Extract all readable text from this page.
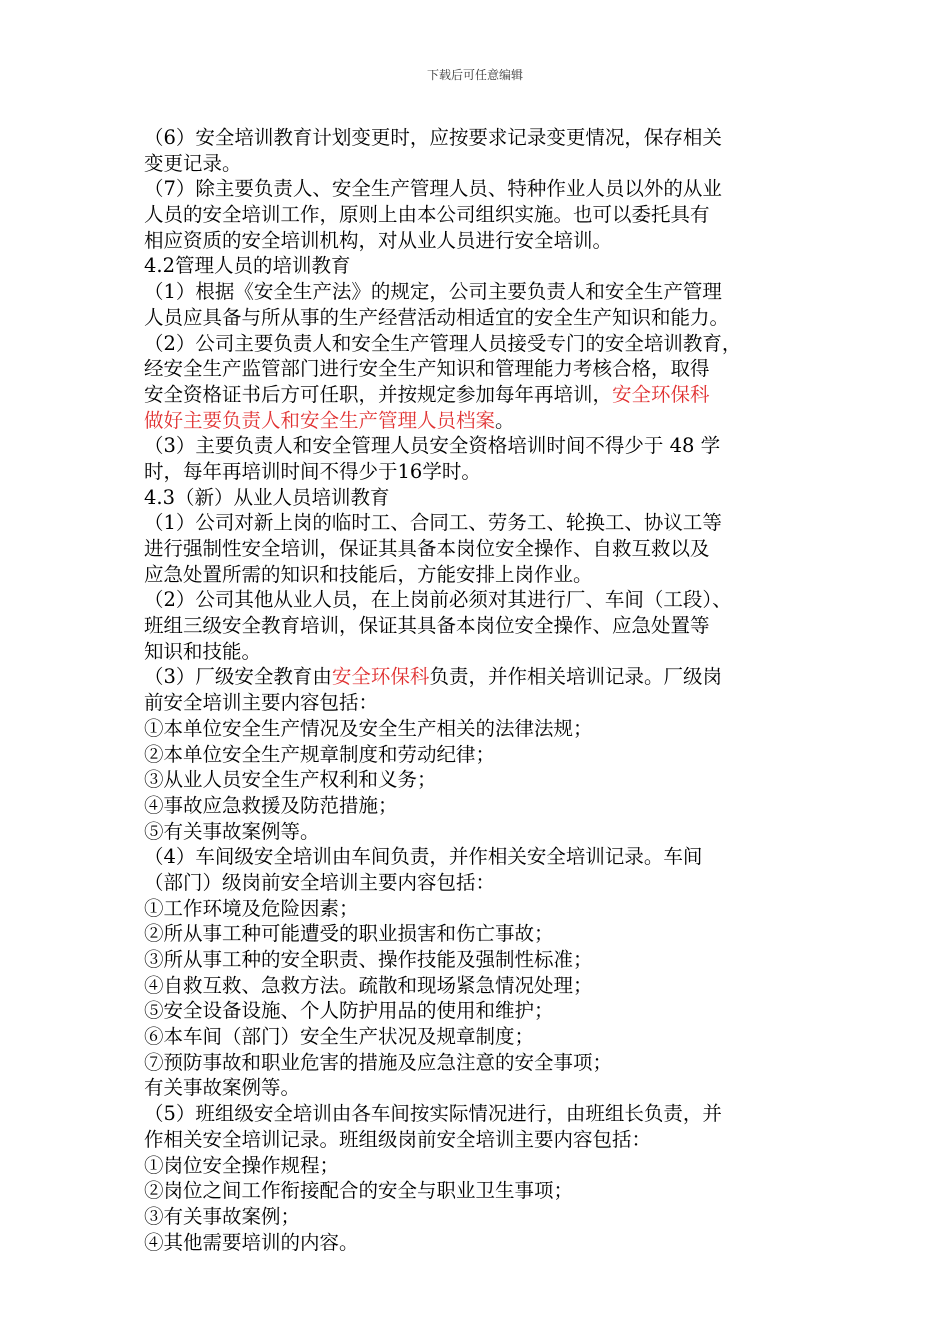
下载后可任意编辑
（6）安全培训教育计划变更时，应按要求记录变更情况，保存相关
变更记录。
（7）除主要负责人、安全生产管理人员、特种作业人员以外的从业
人员的安全培训工作，原则上由本公司组织实施。也可以委托具有
相应资质的安全培训机构，对从业人员进行安全培训。
4.2管理人员的培训教育
（1）根据《安全生产法》的规定，公司主要负责人和安全生产管理
人员应具备与所从事的生产经营活动相适宜的安全生产知识和能力。
（2）公司主要负责人和安全生产管理人员接受专门的安全培训教育，
经安全生产监管部门进行安全生产知识和管理能力考核合格，取得
安全资格证书后方可任职，并按规定参加每年再培训，安全环保科
做好主要负责人和安全生产管理人员档案。
（3）主要负责人和安全管理人员安全资格培训时间不得少于 48 学
时，每年再培训时间不得少于16学时。
4.3（新）从业人员培训教育
（1）公司对新上岗的临时工、合同工、劳务工、轮换工、协议工等
进行强制性安全培训，保证其具备本岗位安全操作、自救互救以及
应急处置所需的知识和技能后，方能安排上岗作业。
（2）公司其他从业人员，在上岗前必须对其进行厂、车间（工段）、
班组三级安全教育培训，保证其具备本岗位安全操作、应急处置等
知识和技能。
（3）厂级安全教育由安全环保科负责，并作相关培训记录。厂级岗
前安全培训主要内容包括：
①本单位安全生产情况及安全生产相关的法律法规；
②本单位安全生产规章制度和劳动纪律；
③从业人员安全生产权利和义务；
④事故应急救援及防范措施；
⑤有关事故案例等。
（4）车间级安全培训由车间负责，并作相关安全培训记录。车间
（部门）级岗前安全培训主要内容包括：
①工作环境及危险因素；
②所从事工种可能遭受的职业损害和伤亡事故；
③所从事工种的安全职责、操作技能及强制性标准；
④自救互救、急救方法。疏散和现场紧急情况处理；
⑤安全设备设施、个人防护用品的使用和维护；
⑥本车间（部门）安全生产状况及规章制度；
⑦预防事故和职业危害的措施及应急注意的安全事项；
有关事故案例等。
（5）班组级安全培训由各车间按实际情况进行，由班组长负责，并
作相关安全培训记录。班组级岗前安全培训主要内容包括：
①岗位安全操作规程；
②岗位之间工作衔接配合的安全与职业卫生事项；
③有关事故案例；
④其他需要培训的内容。
